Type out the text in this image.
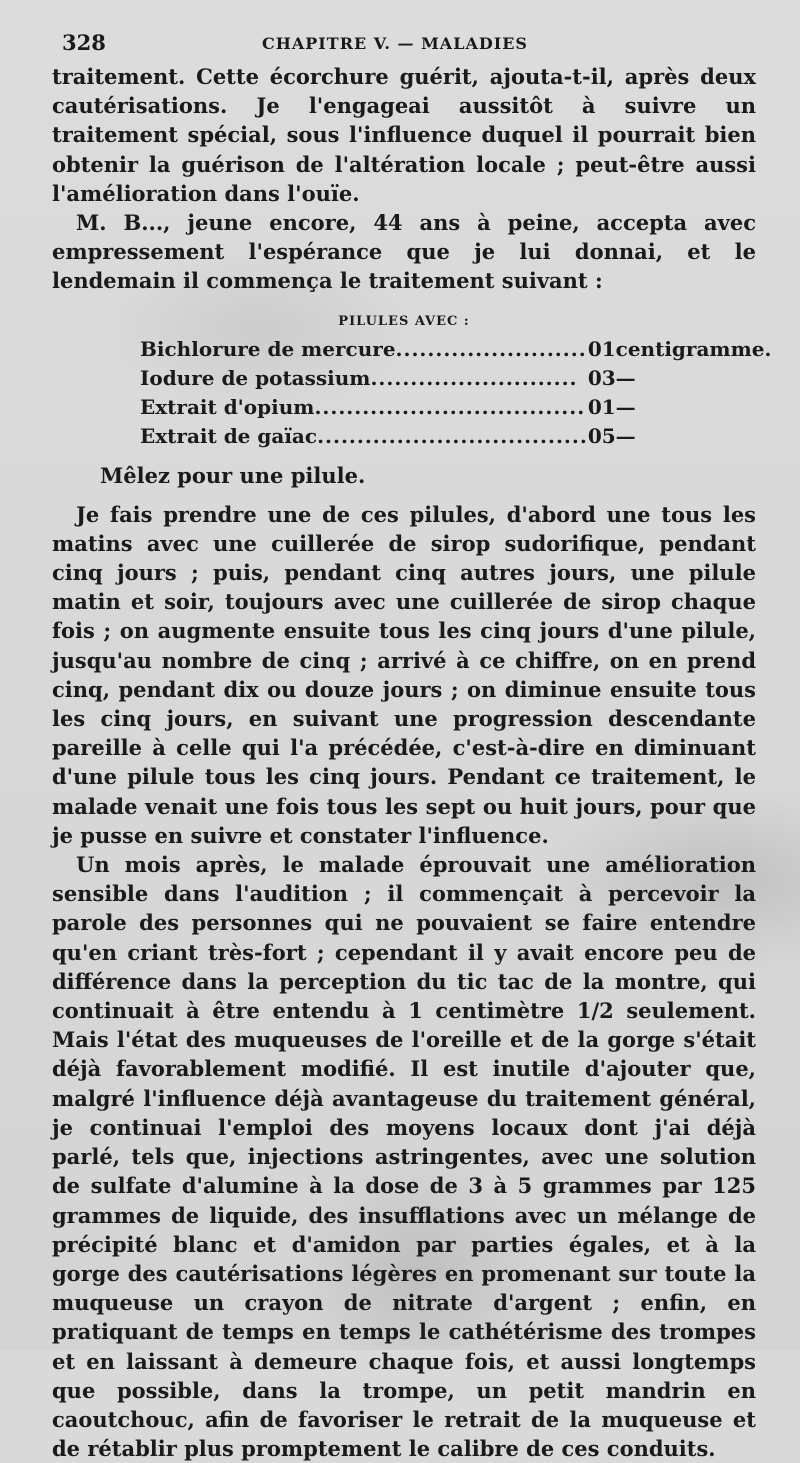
328	CHAPITRE V. — MALADIES

traitement. Cette écorchure guérit, ajouta-t-il, après deux cautérisations. Je l'engageai aussitôt à suivre un traitement spécial, sous l'influence duquel il pourrait bien obtenir la guérison de l'altération locale ; peut-être aussi l'amélioration dans l'ouïe.

M. B..., jeune encore, 44 ans à peine, accepta avec empressement l'espérance que je lui donnai, et le lendemain il commença le traitement suivant :

PILULES AVEC :
Bichlorure de mercure........................	01	centigramme.
Iodure de potassium..........................	03	—
Extrait d'opium..................................	01	—
Extrait de gaïac..................................	05	—
Mêlez pour une pilule.

Je fais prendre une de ces pilules, d'abord une tous les matins avec une cuillerée de sirop sudorifique, pendant cinq jours ; puis, pendant cinq autres jours, une pilule matin et soir, toujours avec une cuillerée de sirop chaque fois ; on augmente ensuite tous les cinq jours d'une pilule, jusqu'au nombre de cinq ; arrivé à ce chiffre, on en prend cinq, pendant dix ou douze jours ; on diminue ensuite tous les cinq jours, en suivant une progression descendante pareille à celle qui l'a précédée, c'est-à-dire en diminuant d'une pilule tous les cinq jours. Pendant ce traitement, le malade venait une fois tous les sept ou huit jours, pour que je pusse en suivre et constater l'influence.

Un mois après, le malade éprouvait une amélioration sensible dans l'audition ; il commençait à percevoir la parole des personnes qui ne pouvaient se faire entendre qu'en criant très-fort ; cependant il y avait encore peu de différence dans la perception du tic tac de la montre, qui continuait à être entendu à 1 centimètre 1/2 seulement. Mais l'état des muqueuses de l'oreille et de la gorge s'était déjà favorablement modifié. Il est inutile d'ajouter que, malgré l'influence déjà avantageuse du traitement général, je continuai l'emploi des moyens locaux dont j'ai déjà parlé, tels que, injections astringentes, avec une solution de sulfate d'alumine à la dose de 3 à 5 grammes par 125 grammes de liquide, des insufflations avec un mélange de précipité blanc et d'amidon par parties égales, et à la gorge des cautérisations légères en promenant sur toute la muqueuse un crayon de nitrate d'argent ; enfin, en pratiquant de temps en temps le cathétérisme des trompes et en laissant à demeure chaque fois, et aussi longtemps que possible, dans la trompe, un petit mandrin en caoutchouc, afin de favoriser le retrait de la muqueuse et de rétablir plus promptement le calibre de ces conduits.
